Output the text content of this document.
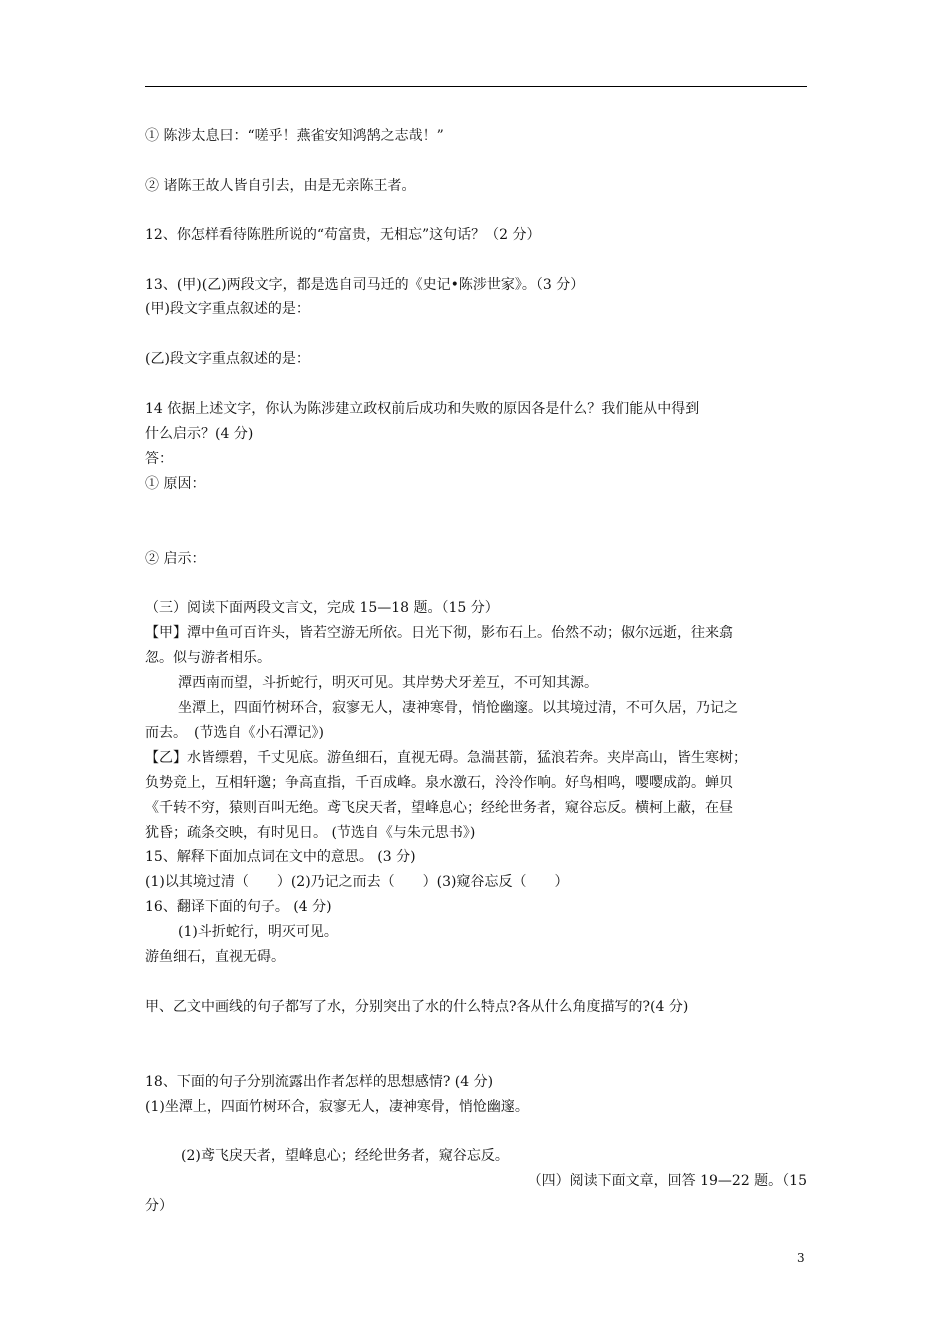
① 陈涉太息曰：“嗟乎！燕雀安知鸿鹄之志哉！”
② 诸陈王故人皆自引去，由是无亲陈王者。
12、你怎样看待陈胜所说的“苟富贵，无相忘”这句话？（2 分）
13、(甲)(乙)两段文字，都是选自司马迁的《史记•陈涉世家》。（3 分）
(甲)段文字重点叙述的是：
(乙)段文字重点叙述的是：
14 依据上述文字，你认为陈涉建立政权前后成功和失败的原因各是什么？我们能从中得到
什么启示？(4 分)
答：
① 原因：
② 启示：
（三）阅读下面两段文言文，完成 15—18 题。（15 分）
【甲】潭中鱼可百许头，皆若空游无所依。日光下彻，影布石上。佁然不动；俶尔远逝，往来翕
忽。似与游者相乐。
潭西南而望，斗折蛇行，明灭可见。其岸势犬牙差互，不可知其源。
坐潭上，四面竹树环合，寂寥无人，凄神寒骨，悄怆幽邃。以其境过清，不可久居，乃记之
而去。　(节选自《小石潭记》)
【乙】水皆缥碧，千丈见底。游鱼细石，直视无碍。急湍甚箭，猛浪若奔。夹岸高山，皆生寒树；
负势竞上，互相轩邈；争高直指，千百成峰。泉水激石，泠泠作响。好鸟相鸣，嘤嘤成韵。蝉贝
《千转不穷，猿则百叫无绝。鸢飞戾天者，望峰息心；经纶世务者，窥谷忘反。横柯上蔽，在昼
犹昏；疏条交映，有时见日。 (节选自《与朱元思书》)
15、解释下面加点词在文中的意思。 (3 分)
(1)以其境过清（　　）(2)乃记之而去（　　）(3)窥谷忘反（　　）
16、翻译下面的句子。 (4 分)
(1)斗折蛇行，明灭可见。
游鱼细石，直视无碍。
甲、乙文中画线的句子都写了水，分别突出了水的什么特点?各从什么角度描写的?(4 分)
18、下面的句子分别流露出作者怎样的思想感情? (4 分)
(1)坐潭上，四面竹树环合，寂寥无人，凄神寒骨，悄怆幽邃。
(2)鸢飞戾天者，望峰息心；经纶世务者，窥谷忘反。
（四）阅读下面文章，回答 19—22 题。（15
分）
3
